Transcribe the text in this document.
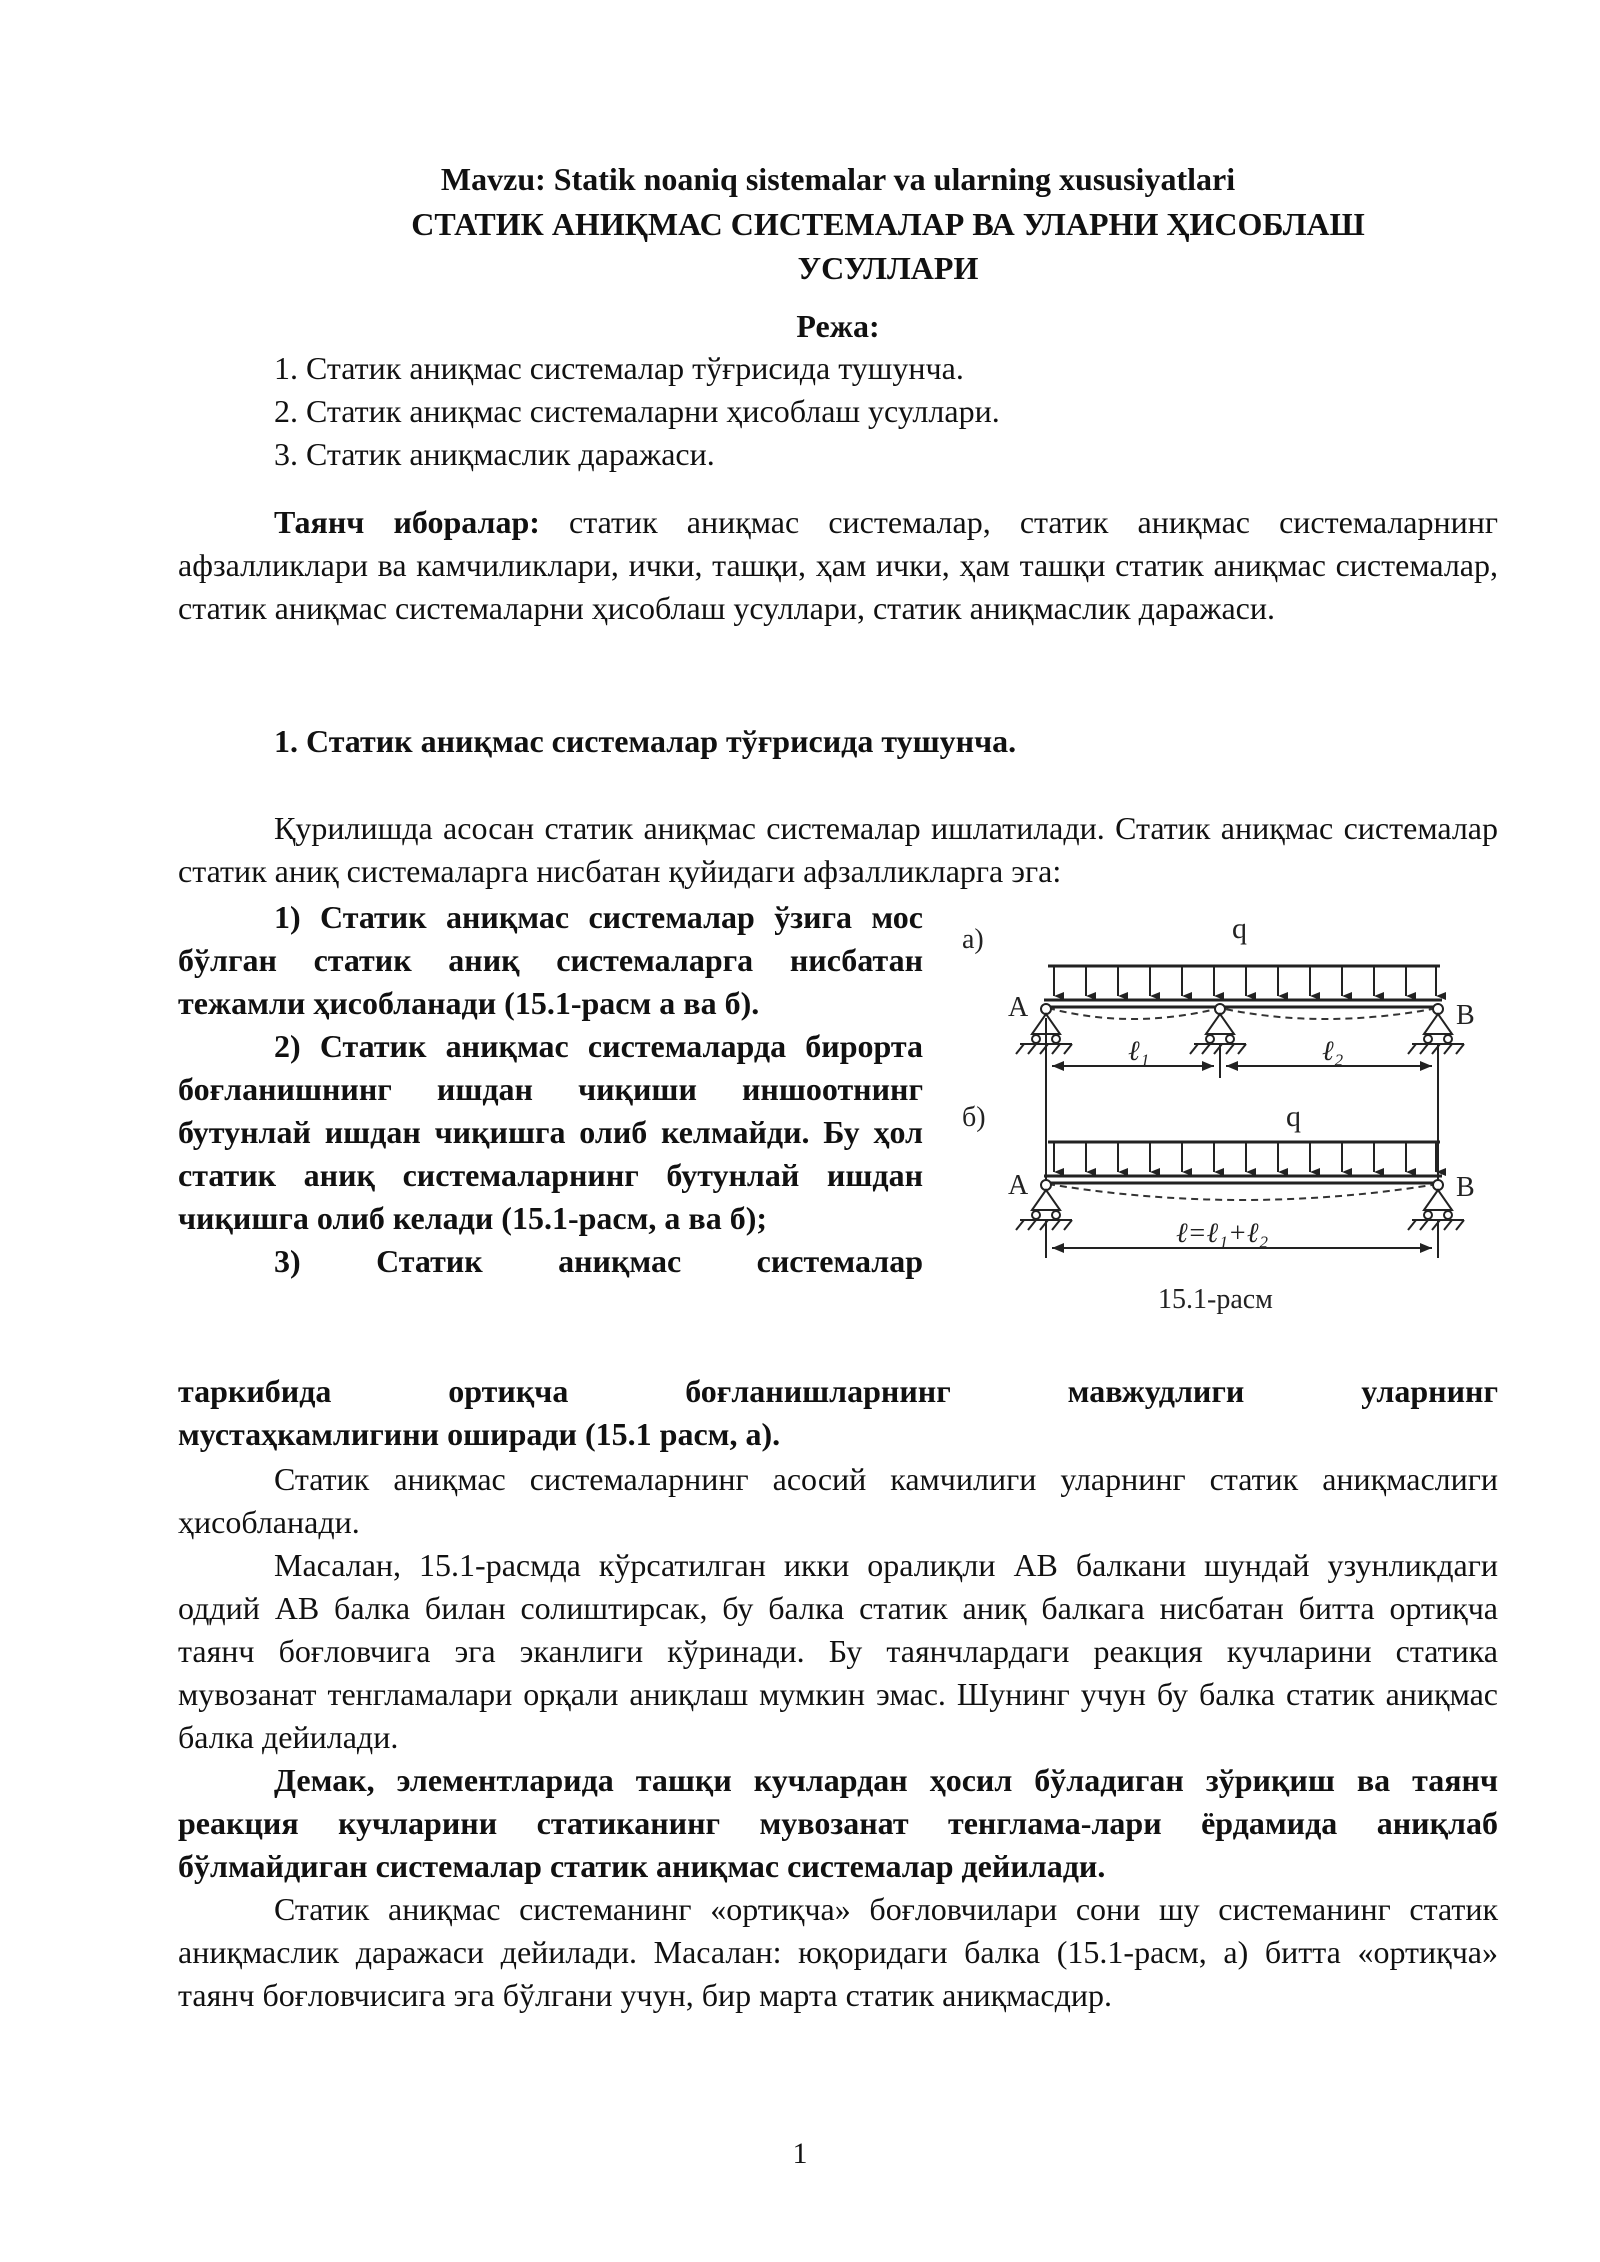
Mavzu: Statik noaniq sistemalar va ularning xususiyatlari
СТАТИК АНИҚМАС СИСТЕМАЛАР ВА УЛАРНИ ҲИСОБЛАШ
УСУЛЛАРИ
Режа:
1. Статик аниқмас системалар тўғрисида тушунча.
2. Статик аниқмас системаларни ҳисоблаш усуллари.
3. Статик аниқмаслик даражаси.

Таянч иборалар: статик аниқмас системалар, статик аниқмас системаларнинг афзалликлари ва камчиликлари, ички, ташқи, ҳам ички, ҳам ташқи статик аниқмас системалар, статик аниқмас системаларни ҳисоблаш усуллари, статик аниқмаслик даражаси.

1. Статик аниқмас системалар тўғрисида тушунча.

Қурилишда асосан статик аниқмас системалар ишлатилади. Статик аниқмас системалар статик аниқ системаларга нисбатан қуйидаги афзалликларга эга:

1) Статик аниқмас системалар ўзига мос бўлган статик аниқ системаларга нисбатан тежамли ҳисобланади (15.1-расм а ва б).

2) Статик аниқмас системаларда бирорта боғланишнинг ишдан чиқиши иншоотнинг бутунлай ишдан чиқишга олиб келмайди. Бу ҳол статик аниқ системаларнинг бутунлай ишдан чиқишга олиб келади (15.1-расм, а ва б);

3) Статик аниқмас системалар

таркибида ортиқча боғланишларнинг мавжудлиги уларнинг

мустаҳкамлигини оширади (15.1 расм, а).

Статик аниқмас системаларнинг асосий камчилиги уларнинг статик аниқмаслиги ҳисобланади.

Масалан, 15.1-расмда кўрсатилган икки оралиқли АВ балкани шундай узунликдаги оддий АВ балка билан солиштирсак, бу балка статик аниқ балкага нисбатан битта ортиқча таянч боғловчига эга эканлиги кўринади. Бу таянчлардаги реакция кучларини статика мувозанат тенгламалари орқали аниқлаш мумкин эмас. Шунинг учун бу балка статик аниқмас балка дейилади.

Демак, элементларида ташқи кучлардан ҳосил бўладиган зўриқиш ва таянч реакция кучларини статиканинг мувозанат тенглама-лари ёрдамида аниқлаб бўлмайдиган системалар статик аниқмас системалар дейилади.

Статик аниқмас системанинг «ортиқча» боғловчилари сони шу системанинг статик аниқмаслик даражаси дейилади. Масалан: юқоридаги балка (15.1-расм, а) битта «ортиқча» таянч боғловчисига эга бўлгани учун, бир марта статик аниқмасдир.

а)	q
A	B
ℓ₁	ℓ₂
б)	q
A	B
ℓ=ℓ₁+ℓ₂
15.1-расм
1
